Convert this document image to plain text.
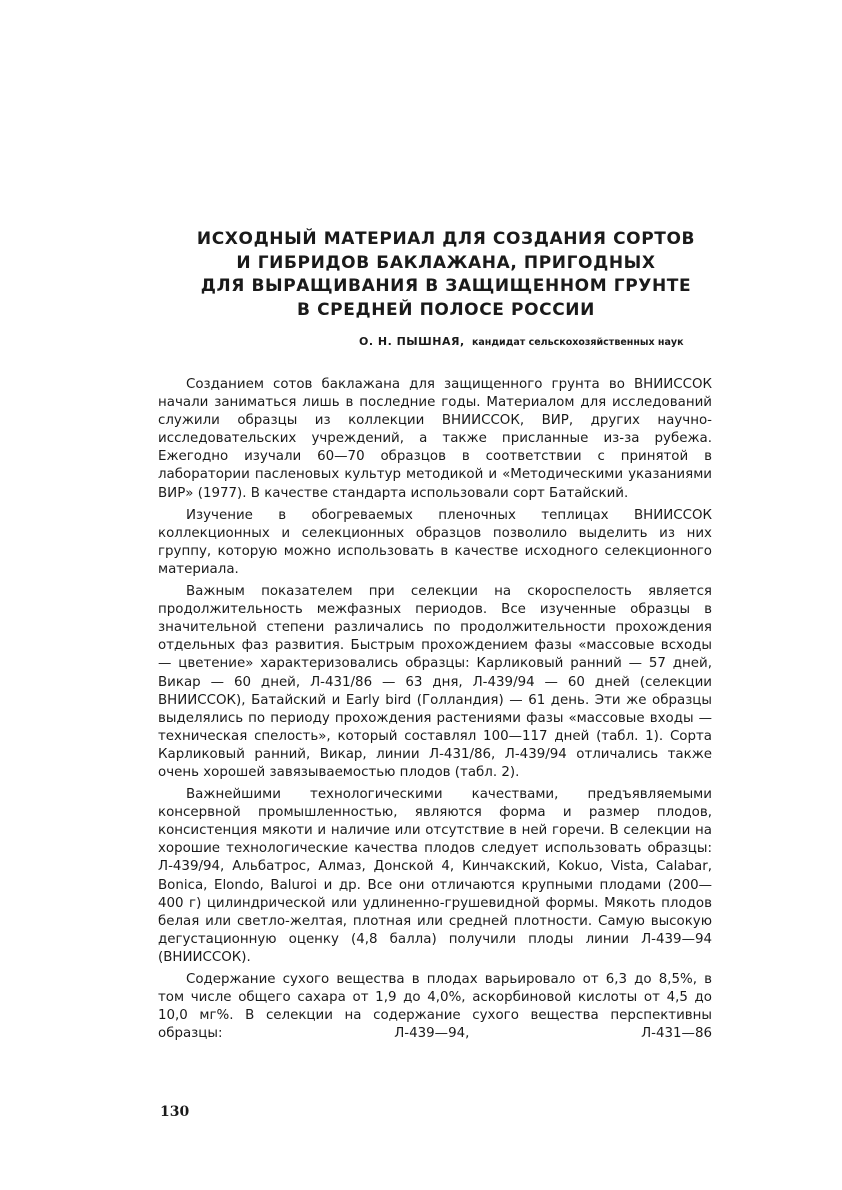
ИСХОДНЫЙ МАТЕРИАЛ ДЛЯ СОЗДАНИЯ СОРТОВ
И ГИБРИДОВ БАКЛАЖАНА, ПРИГОДНЫХ
ДЛЯ ВЫРАЩИВАНИЯ В ЗАЩИЩЕННОМ ГРУНТЕ
В СРЕДНЕЙ ПОЛОСЕ РОССИИ
О. Н. ПЫШНАЯ, кандидат сельскохозяйственных наук

Созданием сотов баклажана для защищенного грунта во ВНИИССОК начали заниматься лишь в последние годы. Материалом для исследований служили образцы из коллекции ВНИИССОК, ВИР, других научно-исследовательских учреждений, а также присланные из-за рубежа. Ежегодно изучали 60—70 образцов в соответствии с принятой в лаборатории пасленовых культур методикой и «Методическими указаниями ВИР» (1977). В качестве стандарта использовали сорт Батайский.

Изучение в обогреваемых пленочных теплицах ВНИИССОК коллекционных и селекционных образцов позволило выделить из них группу, которую можно использовать в качестве исходного селекционного материала.

Важным показателем при селекции на скороспелость является продолжительность межфазных периодов. Все изученные образцы в значительной степени различались по продолжительности прохождения отдельных фаз развития. Быстрым прохождением фазы «массовые всходы — цветение» характеризовались образцы: Карликовый ранний — 57 дней, Викар — 60 дней, Л-431/86 — 63 дня, Л-439/94 — 60 дней (селекции ВНИИССОК), Батайский и Early bird (Голландия) — 61 день. Эти же образцы выделялись по периоду прохождения растениями фазы «массовые входы — техническая спелость», который составлял 100—117 дней (табл. 1). Сорта Карликовый ранний, Викар, линии Л-431/86, Л-439/94 отличались также очень хорошей завязываемостью плодов (табл. 2).

Важнейшими технологическими качествами, предъявляемыми консервной промышленностью, являются форма и размер плодов, консистенция мякоти и наличие или отсутствие в ней горечи. В селекции на хорошие технологические качества плодов следует использовать образцы: Л-439/94, Альбатрос, Алмаз, Донской 4, Кинчакский, Kokuo, Vista, Calabar, Bonica, Elondo, Baluroi и др. Все они отличаются крупными плодами (200—400 г) цилиндрической или удлиненно-грушевидной формы. Мякоть плодов белая или светло-желтая, плотная или средней плотности. Самую высокую дегустационную оценку (4,8 балла) получили плоды линии Л-439—94 (ВНИИССОК).

Содержание сухого вещества в плодах варьировало от 6,3 до 8,5%, в том числе общего сахара от 1,9 до 4,0%, аскорбиновой кислоты от 4,5 до 10,0 мг%. В селекции на содержание сухого вещества перспективны образцы: Л-439—94, Л-431—86

130
